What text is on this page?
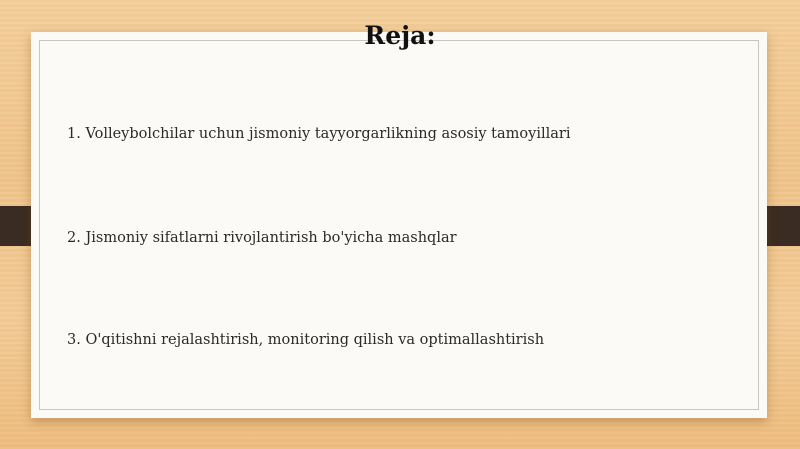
Reja:
1. Volleybolchilar uchun jismoniy tayyorgarlikning asosiy tamoyillari
2. Jismoniy sifatlarni rivojlantirish bo'yicha mashqlar
3. O'qitishni rejalashtirish, monitoring qilish va optimallashtirish
